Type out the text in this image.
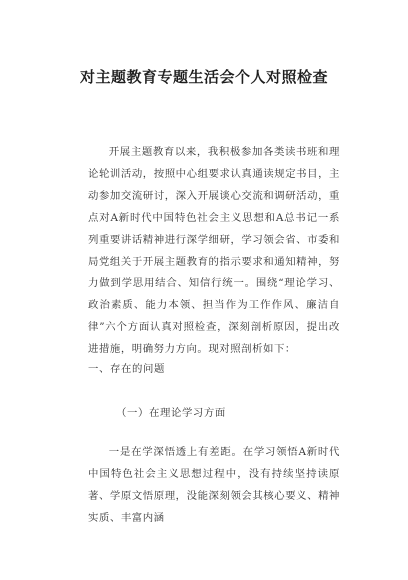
对主题教育专题生活会个人对照检查

开展主题教育以来，我积极参加各类读书班和理论轮训活动，按照中心组要求认真通读规定书目，主动参加交流研讨，深入开展谈心交流和调研活动，重点对A新时代中国特色社会主义思想和A总书记一系列重要讲话精神进行深学细研，学习领会省、市委和局党组关于开展主题教育的指示要求和通知精神，努力做到学思用结合、知信行统一。围绕“理论学习、政治素质、能力本领、担当作为工作作风、廉洁自律”六个方面认真对照检查，深刻剖析原因，提出改进措施，明确努力方向。现对照剖析如下：

一、存在的问题

（一）在理论学习方面

一是在学深悟透上有差距。在学习领悟A新时代中国特色社会主义思想过程中，没有持续坚持读原著、学原文悟原理，没能深刻领会其核心要义、精神实质、丰富内涵
